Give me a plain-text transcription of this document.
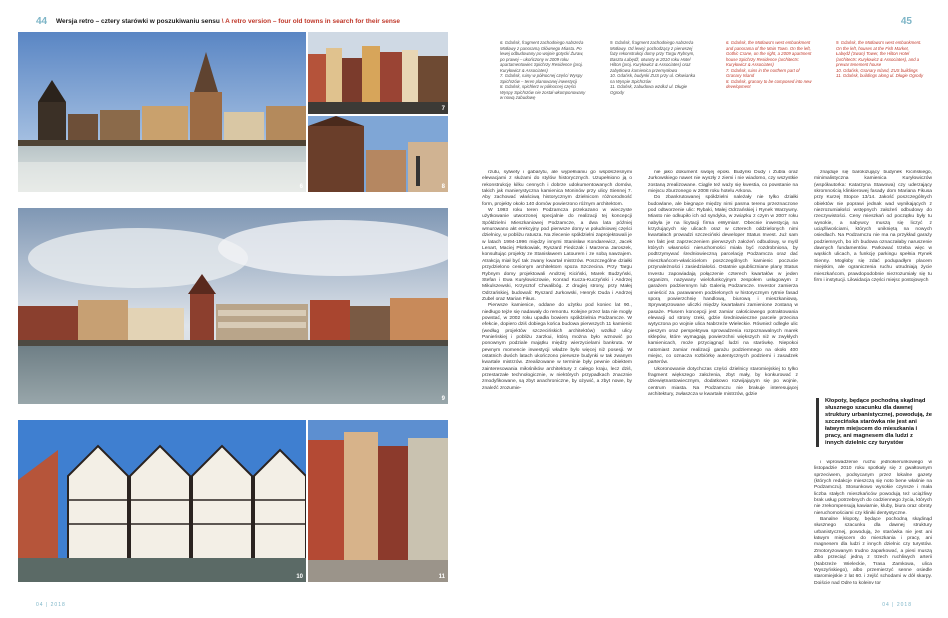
44	45
Wersja retro – cztery starówki w poszukiwaniu sensu \ A retro version – four old towns in search for their sense
6
7
8
9
10	11
6. Gdańsk, fragment zachodniego nabrzeża Motławy z panoramą Głównego Miasta. Po lewej odbudowany po wojnie gotycki Żuraw, po prawej – ukończony w 2009 roku apartamentowiec Spichrzy Residence (proj. Kuryłowicz & Associates)
7. Gdańsk, ruiny w północnej części Wyspy Spichrzów – teren planowanej inwestycji
8. Gdańsk, spichlerz w północnej części Wyspy Spichrzów nie został wkomponowany w nową zabudowę
9. Gdańsk, fragment zachodniego nabrzeża Motławy. Od lewej: pochodzący z pierwszej fazy rekonstrukcji domy przy Targu Rybnym, Baszta Łabędź, otwarty w 2010 roku Hotel Hilton (proj. Kuryłowicz & Associates) oraz zabytkowa kamienica przemysłowa
10. Gdańsk, budynki ZUS przy ul. Ołowianka na Wyspie Spichrzów
11. Gdańsk, zabudowa wzdłuż ul. Długie Ogrody
6. Gdańsk, the Motława's west embankment and panorama of the Main Town. On the left, Gothic Crane, on the right, a 2009 apartment house Spichrzy Residence (architects: Kuryłowicz & Associates)
7. Gdańsk, ruins in the northern part of Granary Island
8. Gdańsk, granary to be composed into new development
9. Gdańsk, the Motława's west embankment. On the left, houses at the Fish Market, Łabędź (Swan) Tower, the Hilton Hotel (architects: Kuryłowicz & Associates), and a prewar tenement house
10. Gdańsk, Granary Island, ZUS buildings
11. Gdańsk, buildings along ul. Długie Ogrody

rzutu, sylwety i gabarytu, ale wypełnianiu go współczesnymi elewacjami z służami do stylów historycznych. Uzupełniono ją o rekonstrukcję kilku cennych i dobrze udokumentowanych domów, takich jak manierystyczna kamienica Moninów przy ulicy Siennej 7. Aby zachować właściwą historycznym dzielnicom różnorodność form, projekty około 140 domów powierzono różnym architektom.

W 1993 roku teren Podzamcza przekazano w wieczyste użytkowanie utworzonej specjalnie do realizacji tej koncepcji Spółdzielni Mieszkaniowej Podzamcze, a dwa lata później wmurowano akt erekcyjny pod pierwsze domy w południowej części dzielnicy, w pobliżu ratusza. Na zlecenie spółdzielni zaprojektowali je w latach 1994-1996 między innymi Stanisław Kondarewicz, Jacek Lenart, Maciej Płotkowiak, Ryszard Fiedczak i Marzena Jaroszek, konsultując projekty ze Stanisławem Latourem i ze sobą nawzajem. Atrakcją miał być tak zwany kwartał mistrzów. Poszczególne działki przydzielono cenionym architektom spoza Szczecina. Przy Targu Rybnym domy projektowali Andrzej Kiciński, Marek Budzyński, Stefan i Ewa Kuryłowiczowie, Konrad Kucza-Kuczyński i Andrzej Mikulszewski, Krzysztof Chwalibóg. Z drugiej strony, przy Małej Odrzańskiej, budowali: Ryszard Jurkowski, Henryk Duda i Andrzej Zubel oraz Marian Fikus.

Pierwsze kamienice, oddane do użytku pod koniec lat 90., niedługo tejże się nadawały do remontu. Kolejne przez lata nie mogły powstać, w 2002 roku upadła bowiem spółdzielnia Podzamcze. W efekcie, dopiero dziś dobiega końca budowa pierwszych 11 kamienic (według projektów szczecińskich architektów) wzdłuż ulicy Panieńskiej i pobliżu zarzkui, którą można było wznowić po ponownym podziale majątku między wierzycielami bankruta. W pewnym momencie inwestycji władze było więcej niż posesji. W ostatnich dwóch latach ukończono pierwsze budynki w tak zwanym kwartale mistrzów. Zrealizowane w terminie były pewnie obiektem zainteresowania miłośników architektury z całego kraju, lecz dziś, przestarzałe technologicznie, w niektórych przypadkach znacznie zmodyfikowane, są zbyt anachroniczne, by ożywić, a zbyt nowe, by znaleźć zrozumie-

nie jako dokument swojej epoki. Budynki Dudy i Zubla oraz Jurkowskiego nawet nie wyszły z ziemi i nie wiadomo, czy wszystkie zostaną zrealizowane. Ciągle też waży się kwestia, co powstanie na miejscu zburzonego w 2008 roku hotelu Arkona.

Do zbankrutowanej spółdzielni należały nie tylko działki budowlane, ale biegnące między nimi pasma terenu przeznaczone pod odtworzenie ulic: Rybaki, Małej Odrzańskiej i Rynek Warzywny. Miasto nie odkupiło ich od syndyka, w związku z czym w 2007 roku nabyła je na licytacji firma eWymiarr. Obecnie inwestycją na krzyżujących się ulicach oraz w czterech oddzielonych nimi kwartałach prowadzi szczeciński deweloper Status Invest. Już sam ten fakt jest zaprzeczeniem pierwszych założeń odbudowy, w myśl których własności nieruchomości miała być rozdrobniona, by podtrzymywać średniowieczną parcelację Podzamcza oraz dać mieszkańcom-właścicielom poszczególnych kamienic poczucie przynależności i zasiedziałości. Ostatnie upubliczniane plany Status Investu zapowiadają połączenie czterech kwartałów w jeden organizm, nazywany wielofunkcyjnym zespołem usługowym z garażem podziemnym lub Galerią Podzamcze. Investor zamierza umieścić za. parawanem podzielonych w historycznym rytmie fasad sporą powierzchnię handlową, biurową i mieszkaniową. Sprywatyzowane uliczki między kwartałami zamienione zostaną w pasaże. Plusem koncepcji jest zamiar całościowego potraktowania elewacji od strony rzeki, gdzie średniowieczne parcele przecina wytyczona po wojnie ulica Nabrzeże Wieleckie. Również odległe ulic pieszym oraz perspektywa sprowadzenia rozpoznawalnych marek sklepów, które wymagają powierzchni większych niż w zwykłych kamienicach, może przyciągnąć ludzi na starówkę. Niepokoi natomiast zamiar realizacji garażu podziemnego na około 400 miejsc, co oznacza rozbiórkę autentycznych podziemi i zasadzek parterów.

Ukoronowanie dotychczas części dzielnicy staromiejskiej to tylko fragment większego założenia, zbyt mały, by konkurować z dziewiętnastowiecznym, dodatkowo rozwijającym się po wojnie, centrum miasta. Na Podzamczu nie brakuje interesującej architektury, zwłaszcza w kwartale mistrzów, gdzie

znajduje się barokizujący budynek Kicińskiego, minimalistyczna kamienica Kuryłowiczów (współautorka: Katarzyna Stawowa) czy uderzający skromnością klinkierowej fasady dom Mariana Fikusa przy Kurzej Stopce 13/14. Jakość poszczególnych obiektów nie poprawi jednak wad wynikających z niezrozumiałości wstępnych założeń odbudowy do rzeczywistości. Ceny mieszkań od początku były tu wysokie, a nabywcy muszą się liczyć z uciążliwościami, których unikniętą na nowych osiedlach. Na Podzamczu nie ma na przykład garaży podziemnych, bo ich budowa oznaczałaby naruszenie dawnych fundamentów. Parkować trzeba więc w wąskich ulicach, a funkcję parkingu spełnia Rynek Sienny. Mogłoby się zdać podupadłym placem miejskim, ale ograniczenia ruchu utrudniają życie mieszkańcom, prawdopodobnie niezrozumiały się tu firm i instytucji. Likwidacja części miejsc postojowych

i wprowadzenie ruchu jednokierunkowego w listopadzie 2010 roku spotkały się z gwałtownym sprzeciwem, podsycanym przez lokalne gazety (których redakcje mieszczą się noto bene właśnie na Podzamczu). Stosunkowo wysokie czynsze i mała liczba stałych mieszkańców powodują też uciążliwy brak usług potrzebnych do codziennego życia, których nie zrekompensują kawiarnie, kluby, biura oraz obroty nieruchomościami czy kliniki dentystyczne.

Banalne kłopoty, będące pochodną skądinąd słusznego szacunku dla dawnej struktury urbanistycznej, powodują, że starówka nie jest ani łatwym miejscem do mieszkania i pracy, ani magnesem dla ludzi z innych dzielnic czy turystów. Zmotoryzowanym trudno zaparkować, a piesi muszą albo przeciąć jedną z trzech ruchliwych arterii (Nabrzeże Wieleckie, Trasa Zamkowa, ulica Wyszyńskiego), albo przemierzyć senne osiedle staromiejskie z lat 60. i zejść schodami w dół skarpy. Dojście nad Odrę to kolejny tor

Kłopoty, będące pochodną skądinąd słusznego szacunku dla dawnej struktury urbanistycznej, powodują, że szczecińska starówka nie jest ani łatwym miejscem do mieszkania i pracy, ani magnesem dla ludzi z innych dzielnic czy turystów
04 | 2018	04 | 2018
